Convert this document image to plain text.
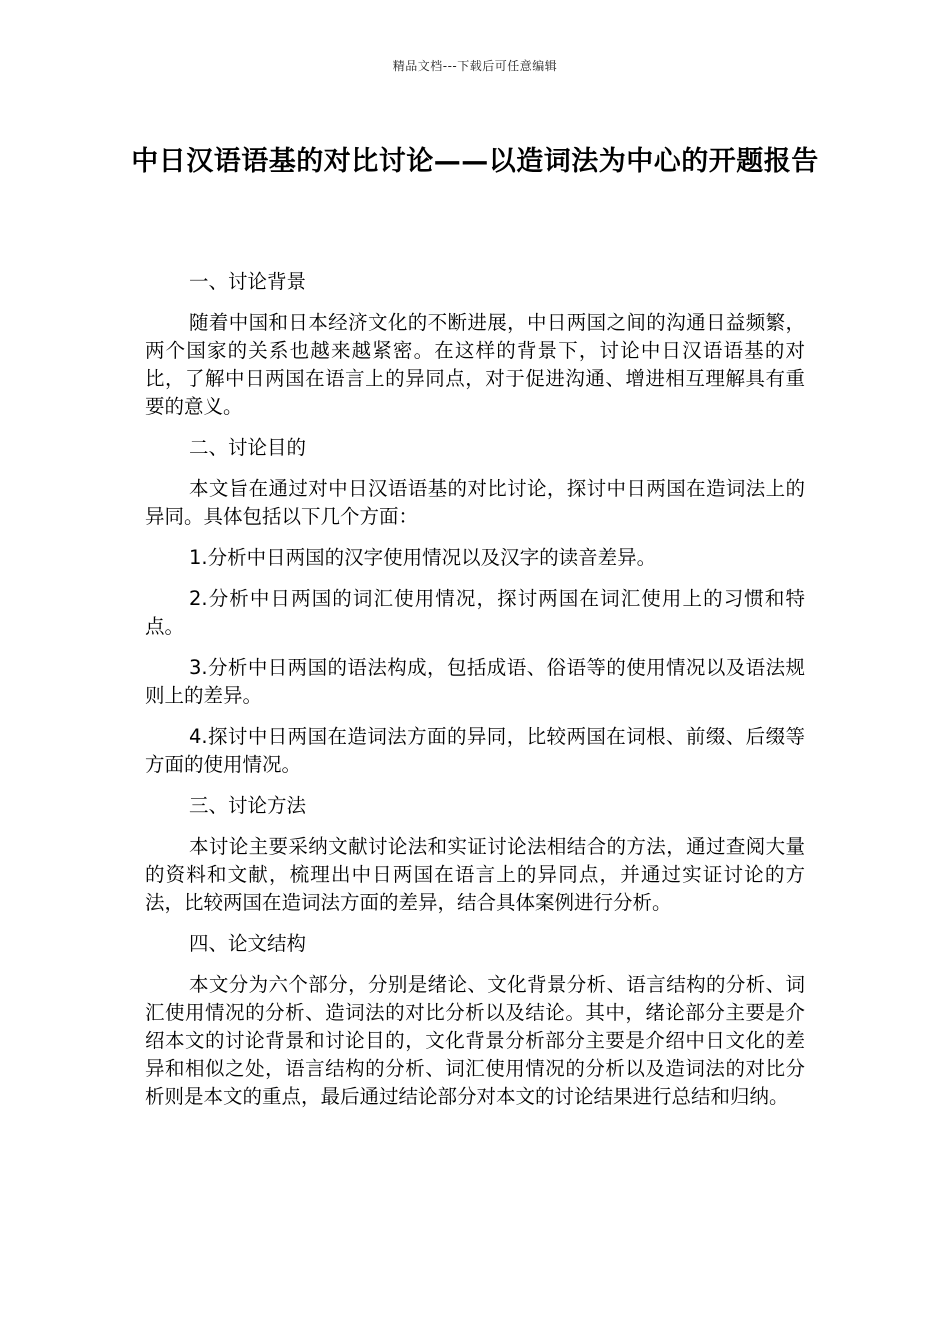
精品文档---下载后可任意编辑
中日汉语语基的对比讨论——以造词法为中心的开题报告
一、讨论背景
随着中国和日本经济文化的不断进展，中日两国之间的沟通日益频繁，两个国家的关系也越来越紧密。在这样的背景下，讨论中日汉语语基的对比，了解中日两国在语言上的异同点，对于促进沟通、增进相互理解具有重要的意义。
二、讨论目的
本文旨在通过对中日汉语语基的对比讨论，探讨中日两国在造词法上的异同。具体包括以下几个方面：
1.分析中日两国的汉字使用情况以及汉字的读音差异。
2.分析中日两国的词汇使用情况，探讨两国在词汇使用上的习惯和特点。
3.分析中日两国的语法构成，包括成语、俗语等的使用情况以及语法规则上的差异。
4.探讨中日两国在造词法方面的异同，比较两国在词根、前缀、后缀等方面的使用情况。
三、讨论方法
本讨论主要采纳文献讨论法和实证讨论法相结合的方法，通过查阅大量的资料和文献，梳理出中日两国在语言上的异同点，并通过实证讨论的方法，比较两国在造词法方面的差异，结合具体案例进行分析。
四、论文结构
本文分为六个部分，分别是绪论、文化背景分析、语言结构的分析、词汇使用情况的分析、造词法的对比分析以及结论。其中，绪论部分主要是介绍本文的讨论背景和讨论目的，文化背景分析部分主要是介绍中日文化的差异和相似之处，语言结构的分析、词汇使用情况的分析以及造词法的对比分析则是本文的重点，最后通过结论部分对本文的讨论结果进行总结和归纳。
